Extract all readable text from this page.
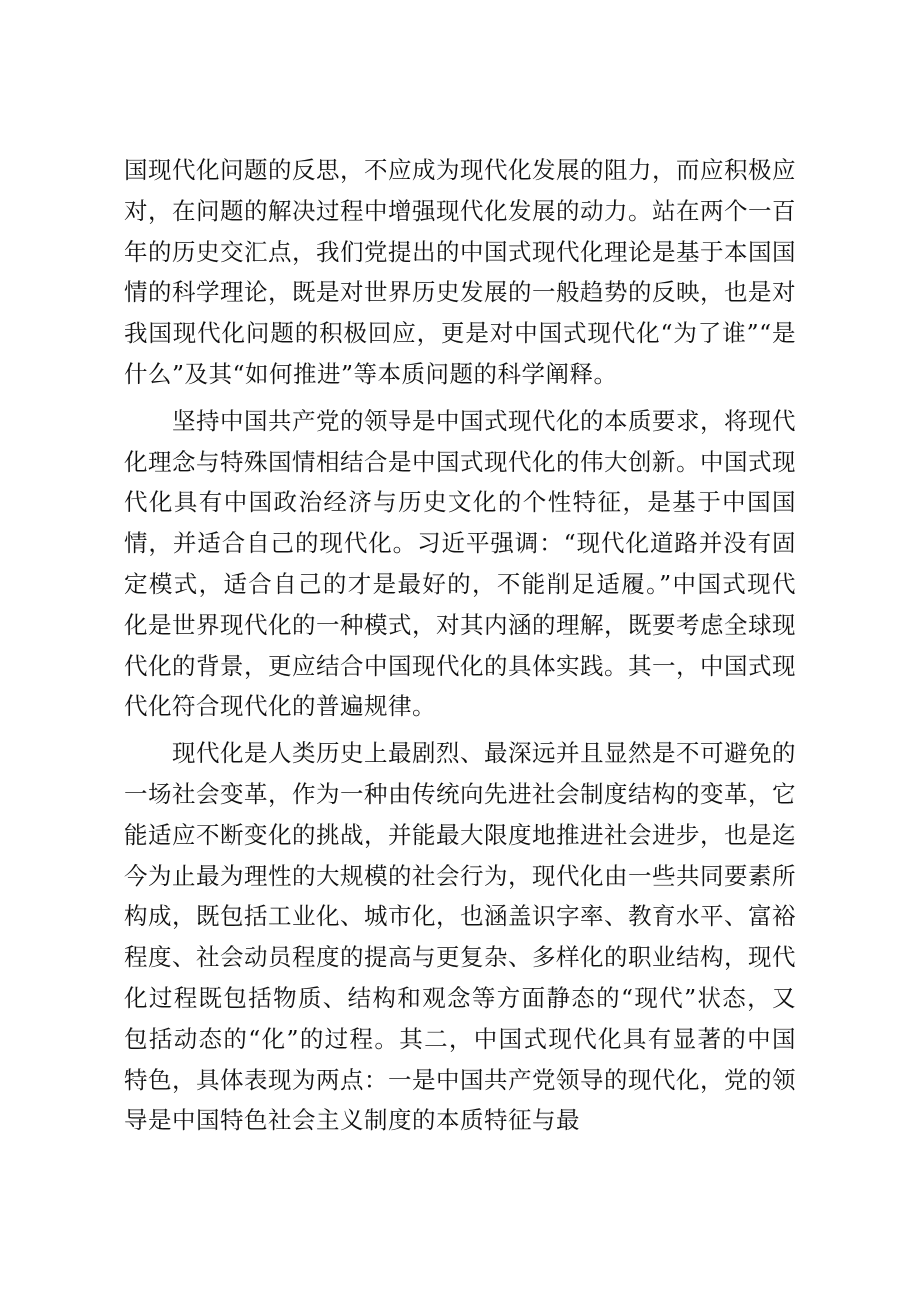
国现代化问题的反思，不应成为现代化发展的阻力，而应积极应对，在问题的解决过程中增强现代化发展的动力。站在两个一百年的历史交汇点，我们党提出的中国式现代化理论是基于本国国情的科学理论，既是对世界历史发展的一般趋势的反映，也是对我国现代化问题的积极回应，更是对中国式现代化“为了谁”“是什么”及其“如何推进”等本质问题的科学阐释。

坚持中国共产党的领导是中国式现代化的本质要求，将现代化理念与特殊国情相结合是中国式现代化的伟大创新。中国式现代化具有中国政治经济与历史文化的个性特征，是基于中国国情，并适合自己的现代化。习近平强调：“现代化道路并没有固定模式，适合自己的才是最好的，不能削足适履。”中国式现代化是世界现代化的一种模式，对其内涵的理解，既要考虑全球现代化的背景，更应结合中国现代化的具体实践。其一，中国式现代化符合现代化的普遍规律。

现代化是人类历史上最剧烈、最深远并且显然是不可避免的一场社会变革，作为一种由传统向先进社会制度结构的变革，它能适应不断变化的挑战，并能最大限度地推进社会进步，也是迄今为止最为理性的大规模的社会行为，现代化由一些共同要素所构成，既包括工业化、城市化，也涵盖识字率、教育水平、富裕程度、社会动员程度的提高与更复杂、多样化的职业结构，现代化过程既包括物质、结构和观念等方面静态的“现代”状态，又包括动态的“化”的过程。其二，中国式现代化具有显著的中国特色，具体表现为两点：一是中国共产党领导的现代化，党的领导是中国特色社会主义制度的本质特征与最
